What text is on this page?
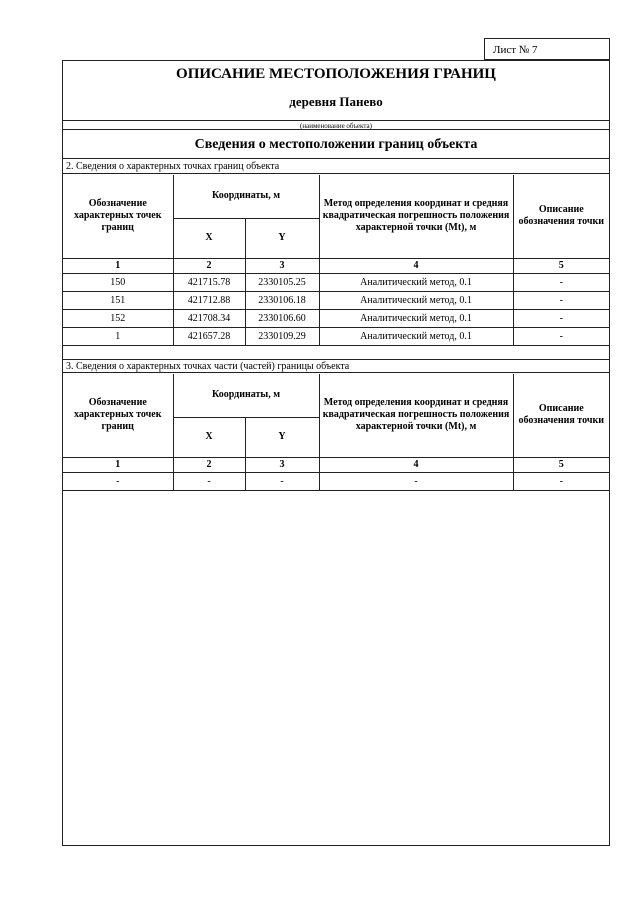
Лист № 7
ОПИСАНИЕ МЕСТОПОЛОЖЕНИЯ ГРАНИЦ
деревня Панево
(наименование объекта)
Сведения о местоположении границ объекта
2. Сведения о характерных точках границ объекта
Обозначение характерных точек границ	Координаты, м		Метод определения координат и средняя квадратическая погрешность положения характерной точки (Mt), м	Описание обозначения точки
	X	Y		
1	2	3	4	5
150	421715.78	2330105.25	Аналитический метод, 0.1	-
151	421712.88	2330106.18	Аналитический метод, 0.1	-
152	421708.34	2330106.60	Аналитический метод, 0.1	-
1	421657.28	2330109.29	Аналитический метод, 0.1	-
3. Сведения о характерных точках части (частей) границы объекта
Обозначение характерных точек границ	Координаты, м		Метод определения координат и средняя квадратическая погрешность положения характерной точки (Mt), м	Описание обозначения точки
	X	Y		
1	2	3	4	5
-	-	-	-	-
